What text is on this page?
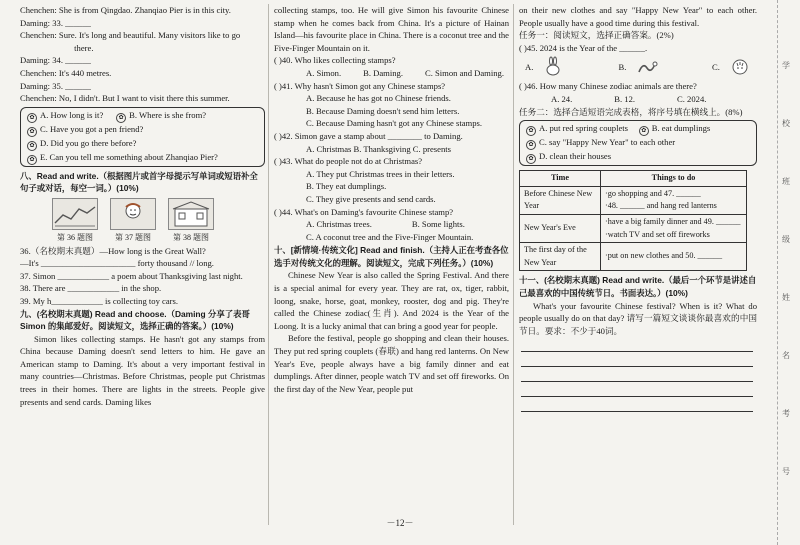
Chenchen: She is from Qingdao. Zhanqiao Pier is in this city.
Daming: 33. ______
Chenchen: Sure. It's long and beautiful. Many visitors like to go
there.
Daming: 34. ______
Chenchen: It's 440 metres.
Daming: 35. ______
Chenchen: No, I didn't. But I want to visit there this summer.
✿ A. How long is it?	✿ B. Where is she from?
✿ C. Have you got a pen friend?
✿ D. Did you go there before?
✿ E. Can you tell me something about Zhanqiao Pier?
八、Read and write.（根据图片或首字母提示写单词或短语补全句子或对话，每空一词。）(10%)
第 36 题图	第 37 题图	第 38 题图
36.（名校期末真题）—How long is the Great Wall?
—It's ______________________ forty thousand // long.
37. Simon ____________ a poem about Thanksgiving last night.
38. There are ____________ in the shop.
39. My h____________ is collecting toy cars.
九、(名校期末真题) Read and choose.（Daming 分享了表哥 Simon 的集邮爱好。阅读短文，选择正确的答案。）(10%)
Simon likes collecting stamps. He hasn't got any stamps from China because Daming doesn't send letters to him. He gave an American stamp to Daming. It's about a very important festival in many countries—Christmas. Before Christmas, people put Christmas trees in their homes. There are lights in the streets. People give presents and send cards. Daming likes
collecting stamps, too. He will give Simon his favourite Chinese stamp when he comes back from China. It's a picture of Hainan Island—his favourite place in China. There is a coconut tree and the Five-Finger Mountain on it.
( )40. Who likes collecting stamps?
A. Simon.	B. Daming.	C. Simon and Daming.
( )41. Why hasn't Simon got any Chinese stamps?
A. Because he has got no Chinese friends.
B. Because Daming doesn't send him letters.
C. Because Daming hasn't got any Chinese stamps.
( )42. Simon gave a stamp about ________ to Daming.
A. Christmas B. Thanksgiving C. presents
( )43. What do people not do at Christmas?
A. They put Christmas trees in their letters.
B. They eat dumplings.
C. They give presents and send cards.
( )44. What's on Daming's favourite Chinese stamp?
A. Christmas trees.	B. Some lights.
C. A coconut tree and the Five-Finger Mountain.
十、[新情境·传统文化] Read and finish.（主持人正在考查各位选手对传统文化的理解。阅读短文，完成下列任务。）(10%)
Chinese New Year is also called the Spring Festival. And there is a special animal for every year. They are rat, ox, tiger, rabbit, loong, snake, horse, goat, monkey, rooster, dog and pig. They're called the Chinese zodiac(生肖). And 2024 is the Year of the Loong. It is a lucky animal that can bring a good year for people.
Before the festival, people go shopping and clean their houses. They put red spring couplets (春联) and hang red lanterns. On New Year's Eve, people always have a big family dinner and eat dumplings. After dinner, people watch TV and set off fireworks. On the first day of the New Year, people put
on their new clothes and say "Happy New Year" to each other. People usually have a good time during this festival.
任务一：阅读短文，选择正确答案。(2%)
( )45. 2024 is the Year of the ______.
A.	B.	C.
( )46. How many Chinese zodiac animals are there?
A. 24.	B. 12.	C. 2024.
任务二：选择合适短语完成表格，将序号填在横线上。(8%)
✿ A. put red spring couplets ✿ B. eat dumplings
✿ C. say "Happy New Year" to each other
✿ D. clean their houses
Time	Things to do
Before Chinese New Year	·go shopping and 47. ______
·48. ______ and hang red lanterns

New Year's Eve	·have a big family dinner and 49. ______
·watch TV and set off fireworks

The first day of the New Year	·put on new clothes and 50. ______
十一、(名校期末真题) Read and write.（最后一个环节是讲述自己最喜欢的中国传统节日。书面表达。）(10%)
What's your favourite Chinese festival? When is it? What do people usually do on that day? 请写一篇短文谈谈你最喜欢的中国节日。要求：不少于40词。
学
校
班
级
姓
名
考
号
－12－
